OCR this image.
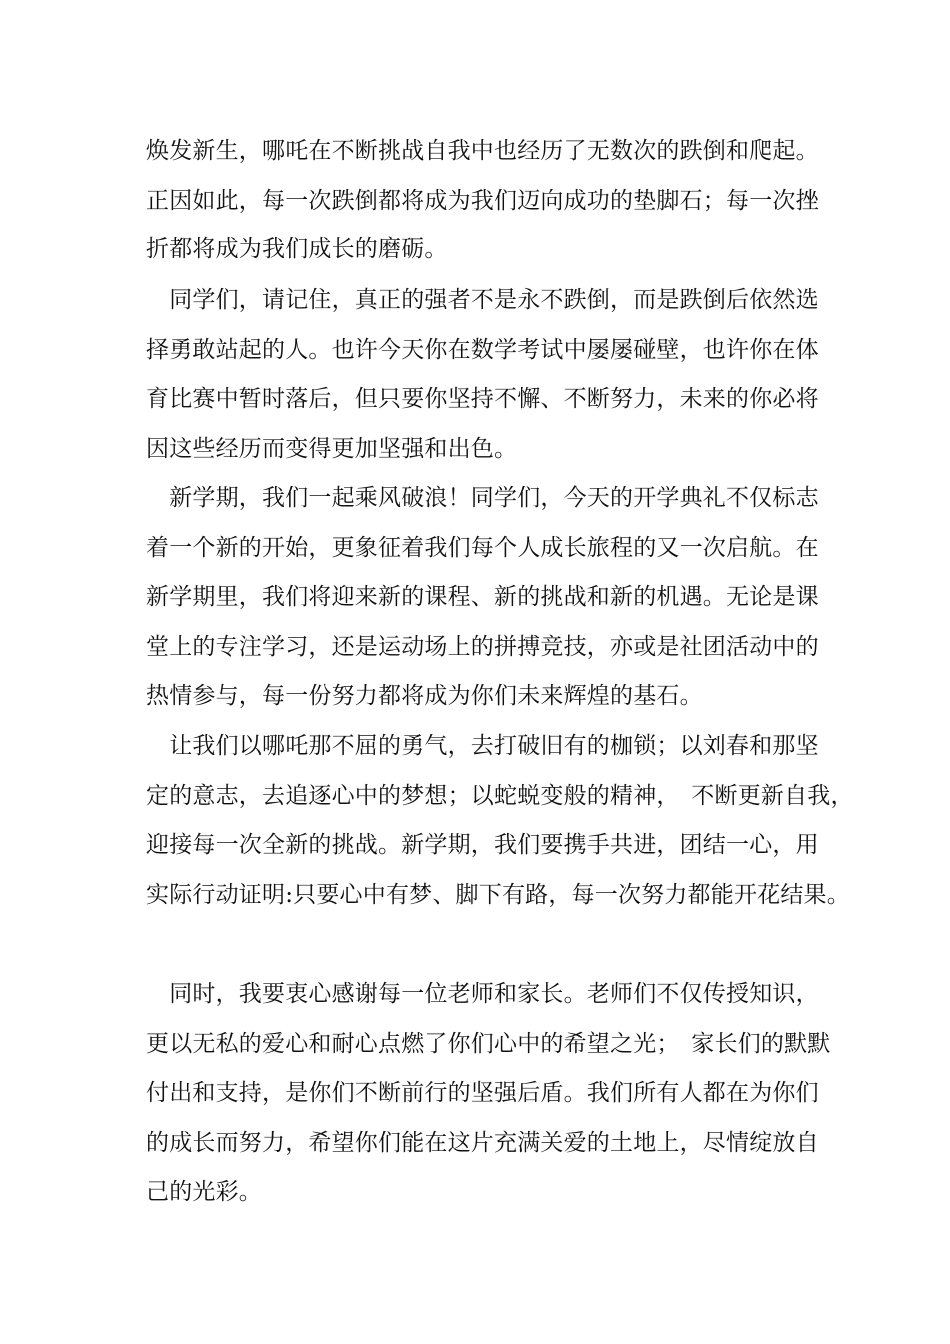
焕发新生，哪吒在不断挑战自我中也经历了无数次的跌倒和爬起。
正因如此，每一次跌倒都将成为我们迈向成功的垫脚石；每一次挫
折都将成为我们成长的磨砺。
　同学们，请记住，真正的强者不是永不跌倒，而是跌倒后依然选
择勇敢站起的人。也许今天你在数学考试中屡屡碰壁，也许你在体
育比赛中暂时落后，但只要你坚持不懈、不断努力，未来的你必将
因这些经历而变得更加坚强和出色。
　新学期，我们一起乘风破浪！同学们，今天的开学典礼不仅标志
着一个新的开始，更象征着我们每个人成长旅程的又一次启航。在
新学期里，我们将迎来新的课程、新的挑战和新的机遇。无论是课
堂上的专注学习，还是运动场上的拼搏竞技，亦或是社团活动中的
热情参与，每一份努力都将成为你们未来辉煌的基石。
　让我们以哪吒那不屈的勇气，去打破旧有的枷锁；以刘春和那坚
定的意志，去追逐心中的梦想；以蛇蜕变般的精神，　不断更新自我，
迎接每一次全新的挑战。新学期，我们要携手共进，团结一心，用
实际行动证明:只要心中有梦、脚下有路，每一次努力都能开花结果。
　同时，我要衷心感谢每一位老师和家长。老师们不仅传授知识，
更以无私的爱心和耐心点燃了你们心中的希望之光；　家长们的默默
付出和支持，是你们不断前行的坚强后盾。我们所有人都在为你们
的成长而努力，希望你们能在这片充满关爱的土地上，尽情绽放自
己的光彩。
